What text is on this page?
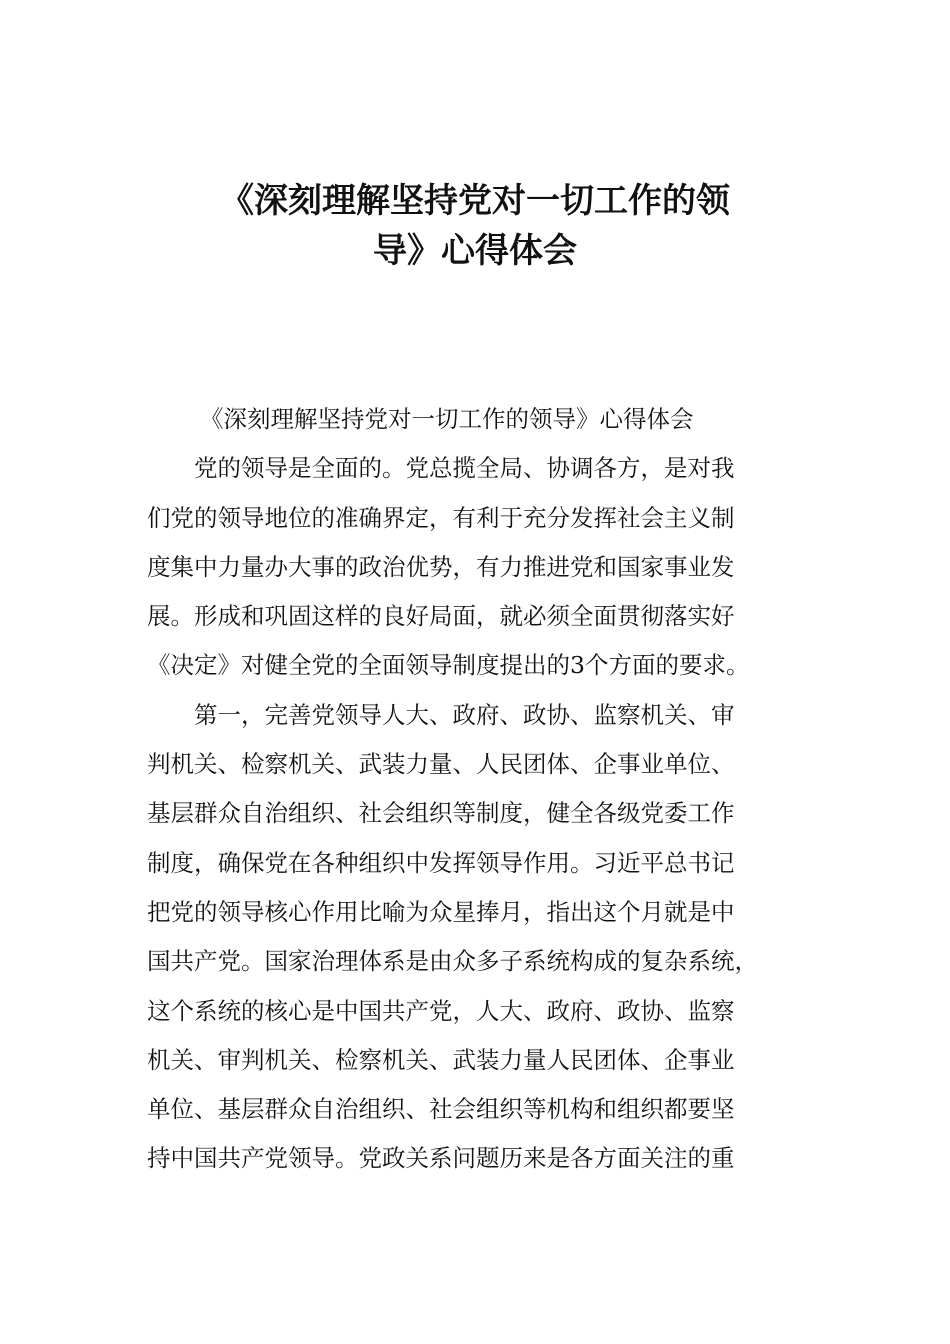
《深刻理解坚持党对一切工作的领
导》心得体会
《深刻理解坚持党对一切工作的领导》心得体会
党的领导是全面的。党总揽全局、协调各方，是对我
们党的领导地位的准确界定，有利于充分发挥社会主义制
度集中力量办大事的政治优势，有力推进党和国家事业发
展。形成和巩固这样的良好局面，就必须全面贯彻落实好
《决定》对健全党的全面领导制度提出的3个方面的要求。
第一，完善党领导人大、政府、政协、监察机关、审
判机关、检察机关、武装力量、人民团体、企事业单位、
基层群众自治组织、社会组织等制度，健全各级党委工作
制度，确保党在各种组织中发挥领导作用。习近平总书记
把党的领导核心作用比喻为众星捧月，指出这个月就是中
国共产党。国家治理体系是由众多子系统构成的复杂系统，
这个系统的核心是中国共产党，人大、政府、政协、监察
机关、审判机关、检察机关、武装力量人民团体、企事业
单位、基层群众自治组织、社会组织等机构和组织都要坚
持中国共产党领导。党政关系问题历来是各方面关注的重
